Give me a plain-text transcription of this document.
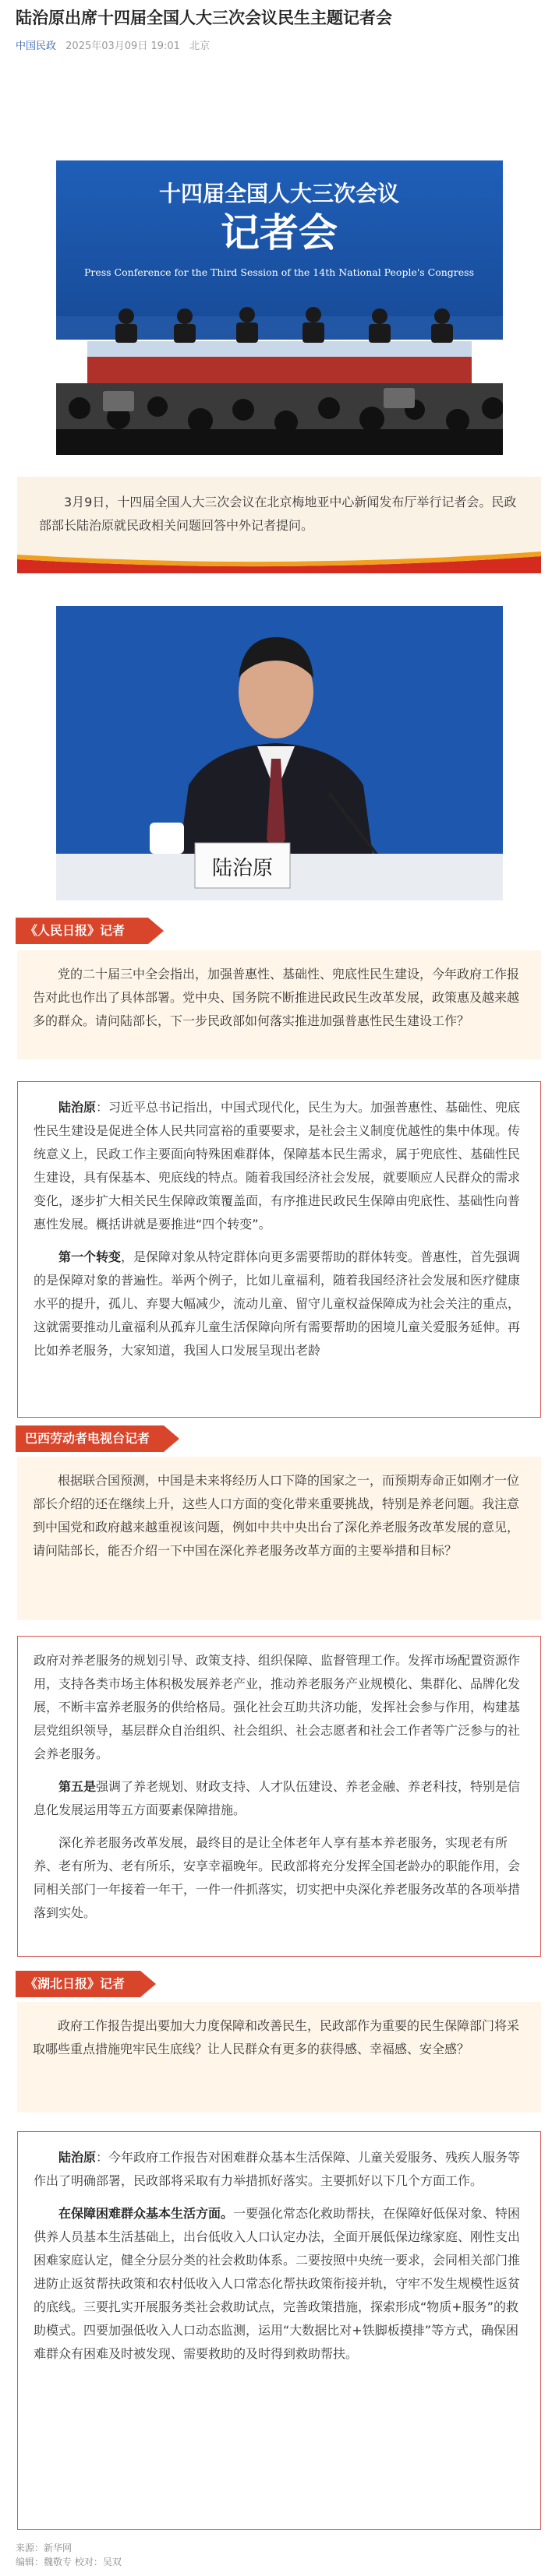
陆治原出席十四届全国人大三次会议民生主题记者会
中国民政 2025年03月09日 19:01 北京
十四届全国人大三次会议
记者会
Press Conference for the Third Session of the 14th National People's Congress

3月9日，十四届全国人大三次会议在北京梅地亚中心新闻发布厅举行记者会。民政部部长陆治原就民政相关问题回答中外记者提问。

陆治原
《人民日报》记者

党的二十届三中全会指出，加强普惠性、基础性、兜底性民生建设，今年政府工作报告对此也作出了具体部署。党中央、国务院不断推进民政民生改革发展，政策惠及越来越多的群众。请问陆部长，下一步民政部如何落实推进加强普惠性民生建设工作？

陆治原：习近平总书记指出，中国式现代化，民生为大。加强普惠性、基础性、兜底性民生建设是促进全体人民共同富裕的重要要求，是社会主义制度优越性的集中体现。传统意义上，民政工作主要面向特殊困难群体，保障基本民生需求，属于兜底性、基础性民生建设，具有保基本、兜底线的特点。随着我国经济社会发展，就要顺应人民群众的需求变化，逐步扩大相关民生保障政策覆盖面，有序推进民政民生保障由兜底性、基础性向普惠性发展。概括讲就是要推进“四个转变”。

第一个转变，是保障对象从特定群体向更多需要帮助的群体转变。普惠性，首先强调的是保障对象的普遍性。举两个例子，比如儿童福利，随着我国经济社会发展和医疗健康水平的提升，孤儿、弃婴大幅减少，流动儿童、留守儿童权益保障成为社会关注的重点，这就需要推动儿童福利从孤弃儿童生活保障向所有需要帮助的困境儿童关爱服务延伸。再比如养老服务，大家知道，我国人口发展呈现出老龄

巴西劳动者电视台记者

根据联合国预测，中国是未来将经历人口下降的国家之一，而预期寿命正如刚才一位部长介绍的还在继续上升，这些人口方面的变化带来重要挑战，特别是养老问题。我注意到中国党和政府越来越重视该问题，例如中共中央出台了深化养老服务改革发展的意见，请问陆部长，能否介绍一下中国在深化养老服务改革方面的主要举措和目标？

政府对养老服务的规划引导、政策支持、组织保障、监督管理工作。发挥市场配置资源作用，支持各类市场主体积极发展养老产业，推动养老服务产业规模化、集群化、品牌化发展，不断丰富养老服务的供给格局。强化社会互助共济功能，发挥社会参与作用，构建基层党组织领导，基层群众自治组织、社会组织、社会志愿者和社会工作者等广泛参与的社会养老服务。

第五是强调了养老规划、财政支持、人才队伍建设、养老金融、养老科技，特别是信息化发展运用等五方面要素保障措施。

深化养老服务改革发展，最终目的是让全体老年人享有基本养老服务，实现老有所养、老有所为、老有所乐，安享幸福晚年。民政部将充分发挥全国老龄办的职能作用，会同相关部门一年接着一年干，一件一件抓落实，切实把中央深化养老服务改革的各项举措落到实处。

《湖北日报》记者

政府工作报告提出要加大力度保障和改善民生，民政部作为重要的民生保障部门将采取哪些重点措施兜牢民生底线？让人民群众有更多的获得感、幸福感、安全感？

陆治原：今年政府工作报告对困难群众基本生活保障、儿童关爱服务、残疾人服务等作出了明确部署，民政部将采取有力举措抓好落实。主要抓好以下几个方面工作。

在保障困难群众基本生活方面。一要强化常态化救助帮扶，在保障好低保对象、特困供养人员基本生活基础上，出台低收入人口认定办法，全面开展低保边缘家庭、刚性支出困难家庭认定，健全分层分类的社会救助体系。二要按照中央统一要求，会同相关部门推进防止返贫帮扶政策和农村低收入人口常态化帮扶政策衔接并轨，守牢不发生规模性返贫的底线。三要扎实开展服务类社会救助试点，完善政策措施，探索形成“物质+服务”的救助模式。四要加强低收入人口动态监测，运用“大数据比对+铁脚板摸排”等方式，确保困难群众有困难及时被发现、需要救助的及时得到救助帮扶。

来源：新华网
编辑：魏敬专 校对：吴双
